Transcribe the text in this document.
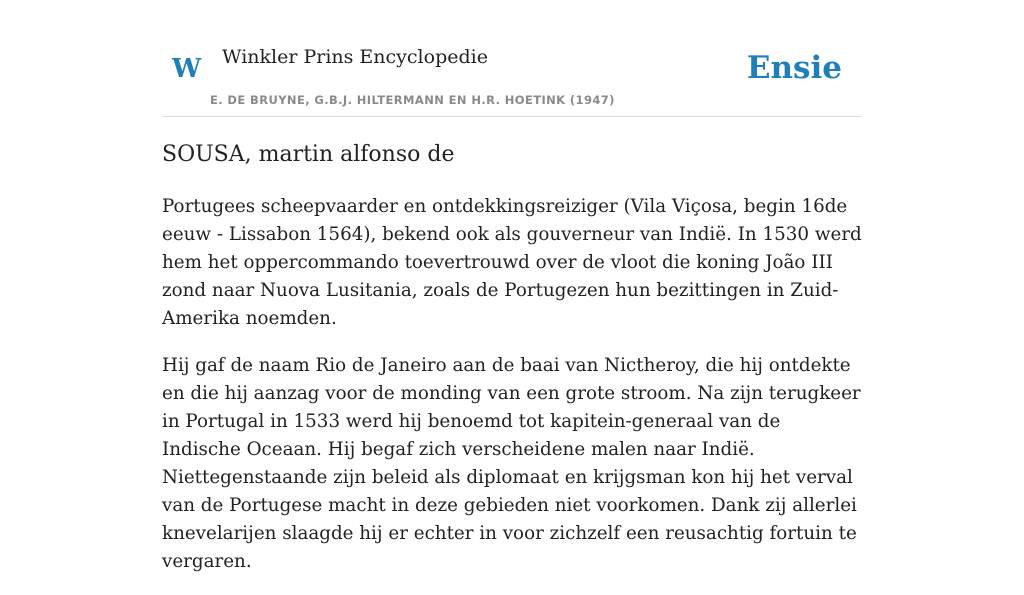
W Winkler Prins Encyclopedie
E. DE BRUYNE, G.B.J. HILTERMANN EN H.R. HOETINK (1947)
Ensie
SOUSA, martin alfonso de

Portugees scheepvaarder en ontdekkingsreiziger (Vila Viçosa, begin 16de eeuw - Lissabon 1564), bekend ook als gouverneur van Indië. In 1530 werd hem het oppercommando toevertrouwd over de vloot die koning João III zond naar Nuova Lusitania, zoals de Portugezen hun bezittingen in Zuid-Amerika noemden.

Hij gaf de naam Rio de Janeiro aan de baai van Nictheroy, die hij ontdekte en die hij aanzag voor de monding van een grote stroom. Na zijn terugkeer in Portugal in 1533 werd hij benoemd tot kapitein-generaal van de Indische Oceaan. Hij begaf zich verscheidene malen naar Indië. Niettegenstaande zijn beleid als diplomaat en krijgsman kon hij het verval van de Portugese macht in deze gebieden niet voorkomen. Dank zij allerlei knevelarijen slaagde hij er echter in voor zichzelf een reusachtig fortuin te vergaren.
